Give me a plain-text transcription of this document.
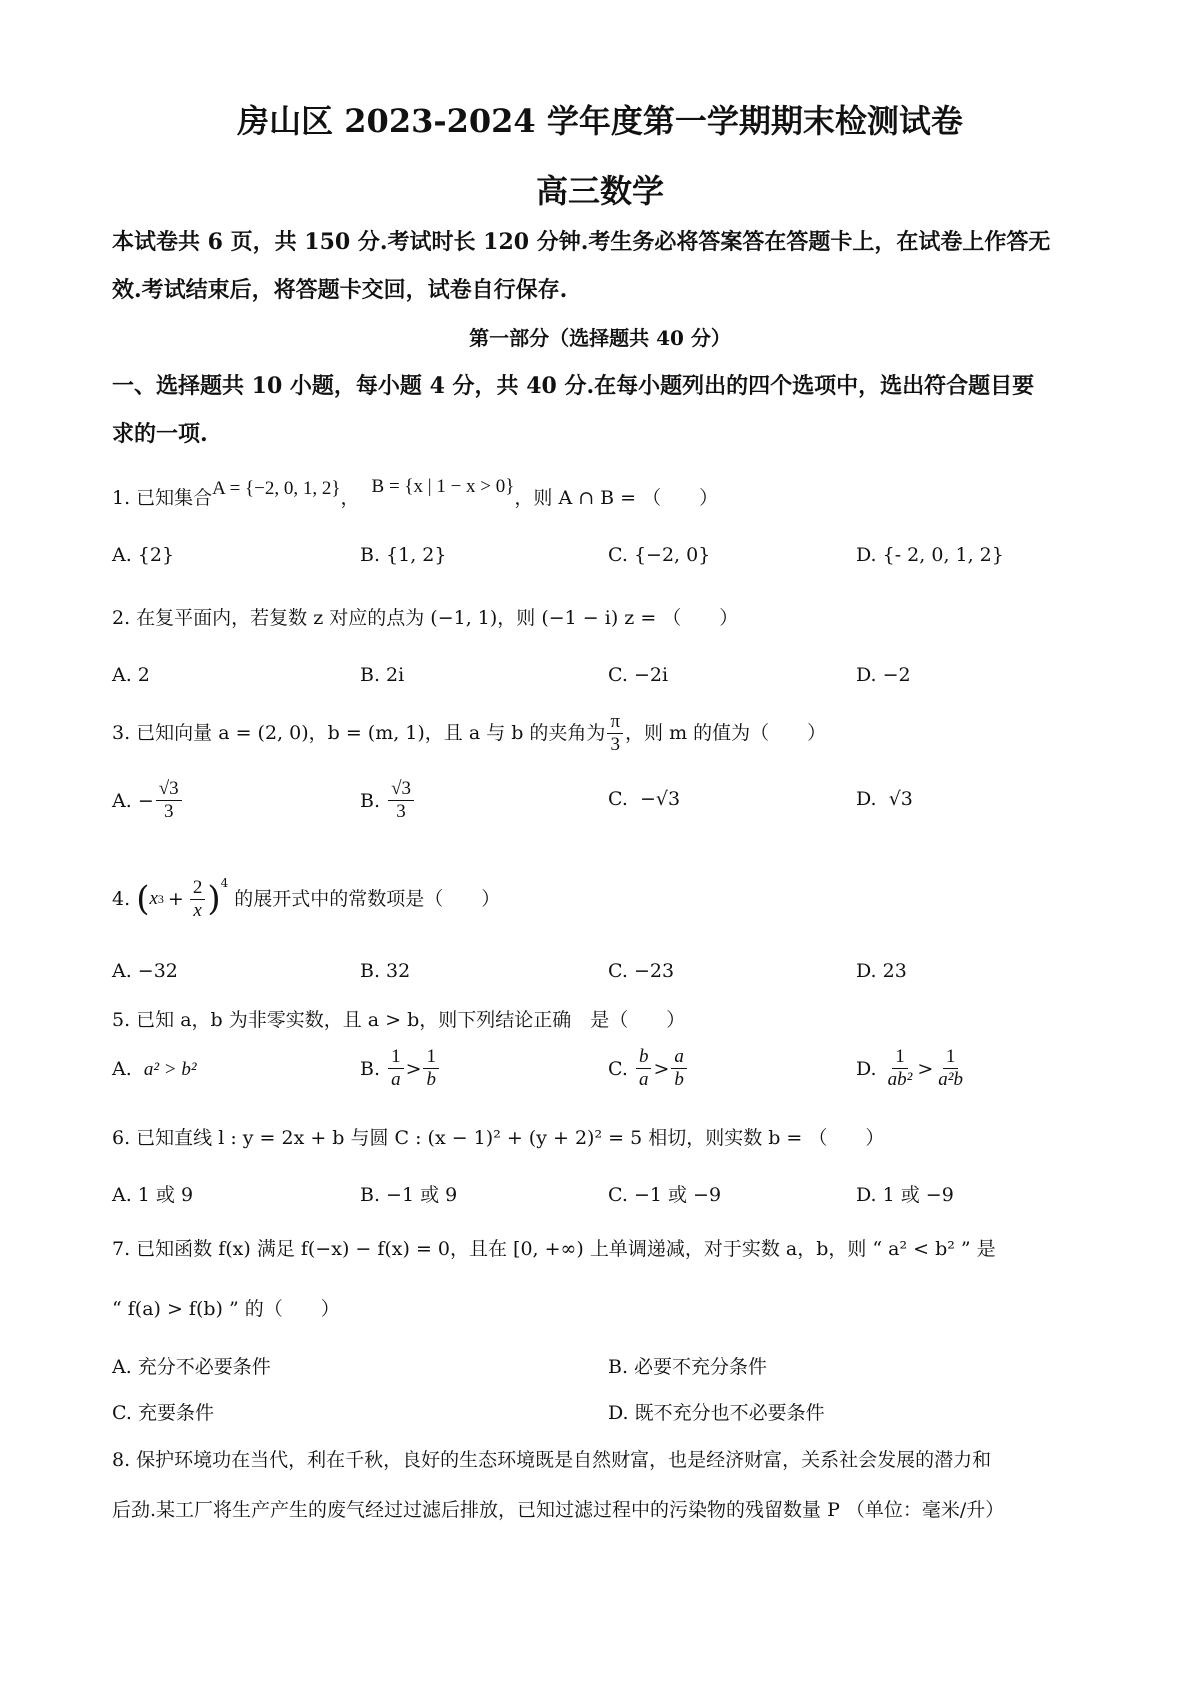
房山区 2023-2024 学年度第一学期期末检测试卷
高三数学
本试卷共 6 页，共 150 分.考试时长 120 分钟.考生务必将答案答在答题卡上，在试卷上作答无
效.考试结束后，将答题卡交回，试卷自行保存.
第一部分（选择题共 40 分）
一、选择题共 10 小题，每小题 4 分，共 40 分.在每小题列出的四个选项中，选出符合题目要
求的一项.
1. 已知集合A = {−2, 0, 1, 2}，B = {x | 1 − x > 0}，则 A ∩ B = （　　）
A. {2}	B. {1, 2}	C. {−2, 0}	D. {- 2, 0, 1, 2}
2. 在复平面内，若复数 z 对应的点为 (−1, 1)，则 (−1 − i) z = （　　）
A. 2	B. 2i	C. −2i	D. −2
3. 已知向量 a = (2, 0)，b = (m, 1)，且 a 与 b 的夹角为 $\frac{\pi}{3}$ ，则 m 的值为（　　）
A.
− $\frac{√3}{3}$	B.
$\frac{√3}{3}$	C. −√3	D. √3
4.
( x $3 + \frac{2}{x} )^4$
的展开式中的常数项是（　　）
A. −32	B. 32	C. −23	D. 23
5. 已知 a，b 为非零实数，且 a > b，则下列结论正确　是（　　）
A. a² > b²	B.
$\frac{1}{a} > \frac{1}{b}$	C.
$\frac{b}{a} > \frac{a}{b}$	D.
$\frac{1}{\text{ab²}} > \frac{1}{\text{a²b}}$
6. 已知直线 l : y = 2x + b 与圆 C : (x − 1)² + (y + 2)² = 5 相切，则实数 b = （　　）
A. 1 或 9	B. −1 或 9	C. −1 或 −9	D. 1 或 −9
7. 已知函数 f(x) 满足 f(−x) − f(x) = 0，且在 [0, +∞) 上单调递减，对于实数 a，b，则 “ a² < b² ” 是
“ f(a) > f(b) ” 的（　　）
A. 充分不必要条件	B. 必要不充分条件
C. 充要条件	D. 既不充分也不必要条件
8. 保护环境功在当代，利在千秋，良好的生态环境既是自然财富，也是经济财富，关系社会发展的潜力和
后劲.某工厂将生产产生的废气经过过滤后排放，已知过滤过程中的污染物的残留数量 P （单位：毫米/升）
